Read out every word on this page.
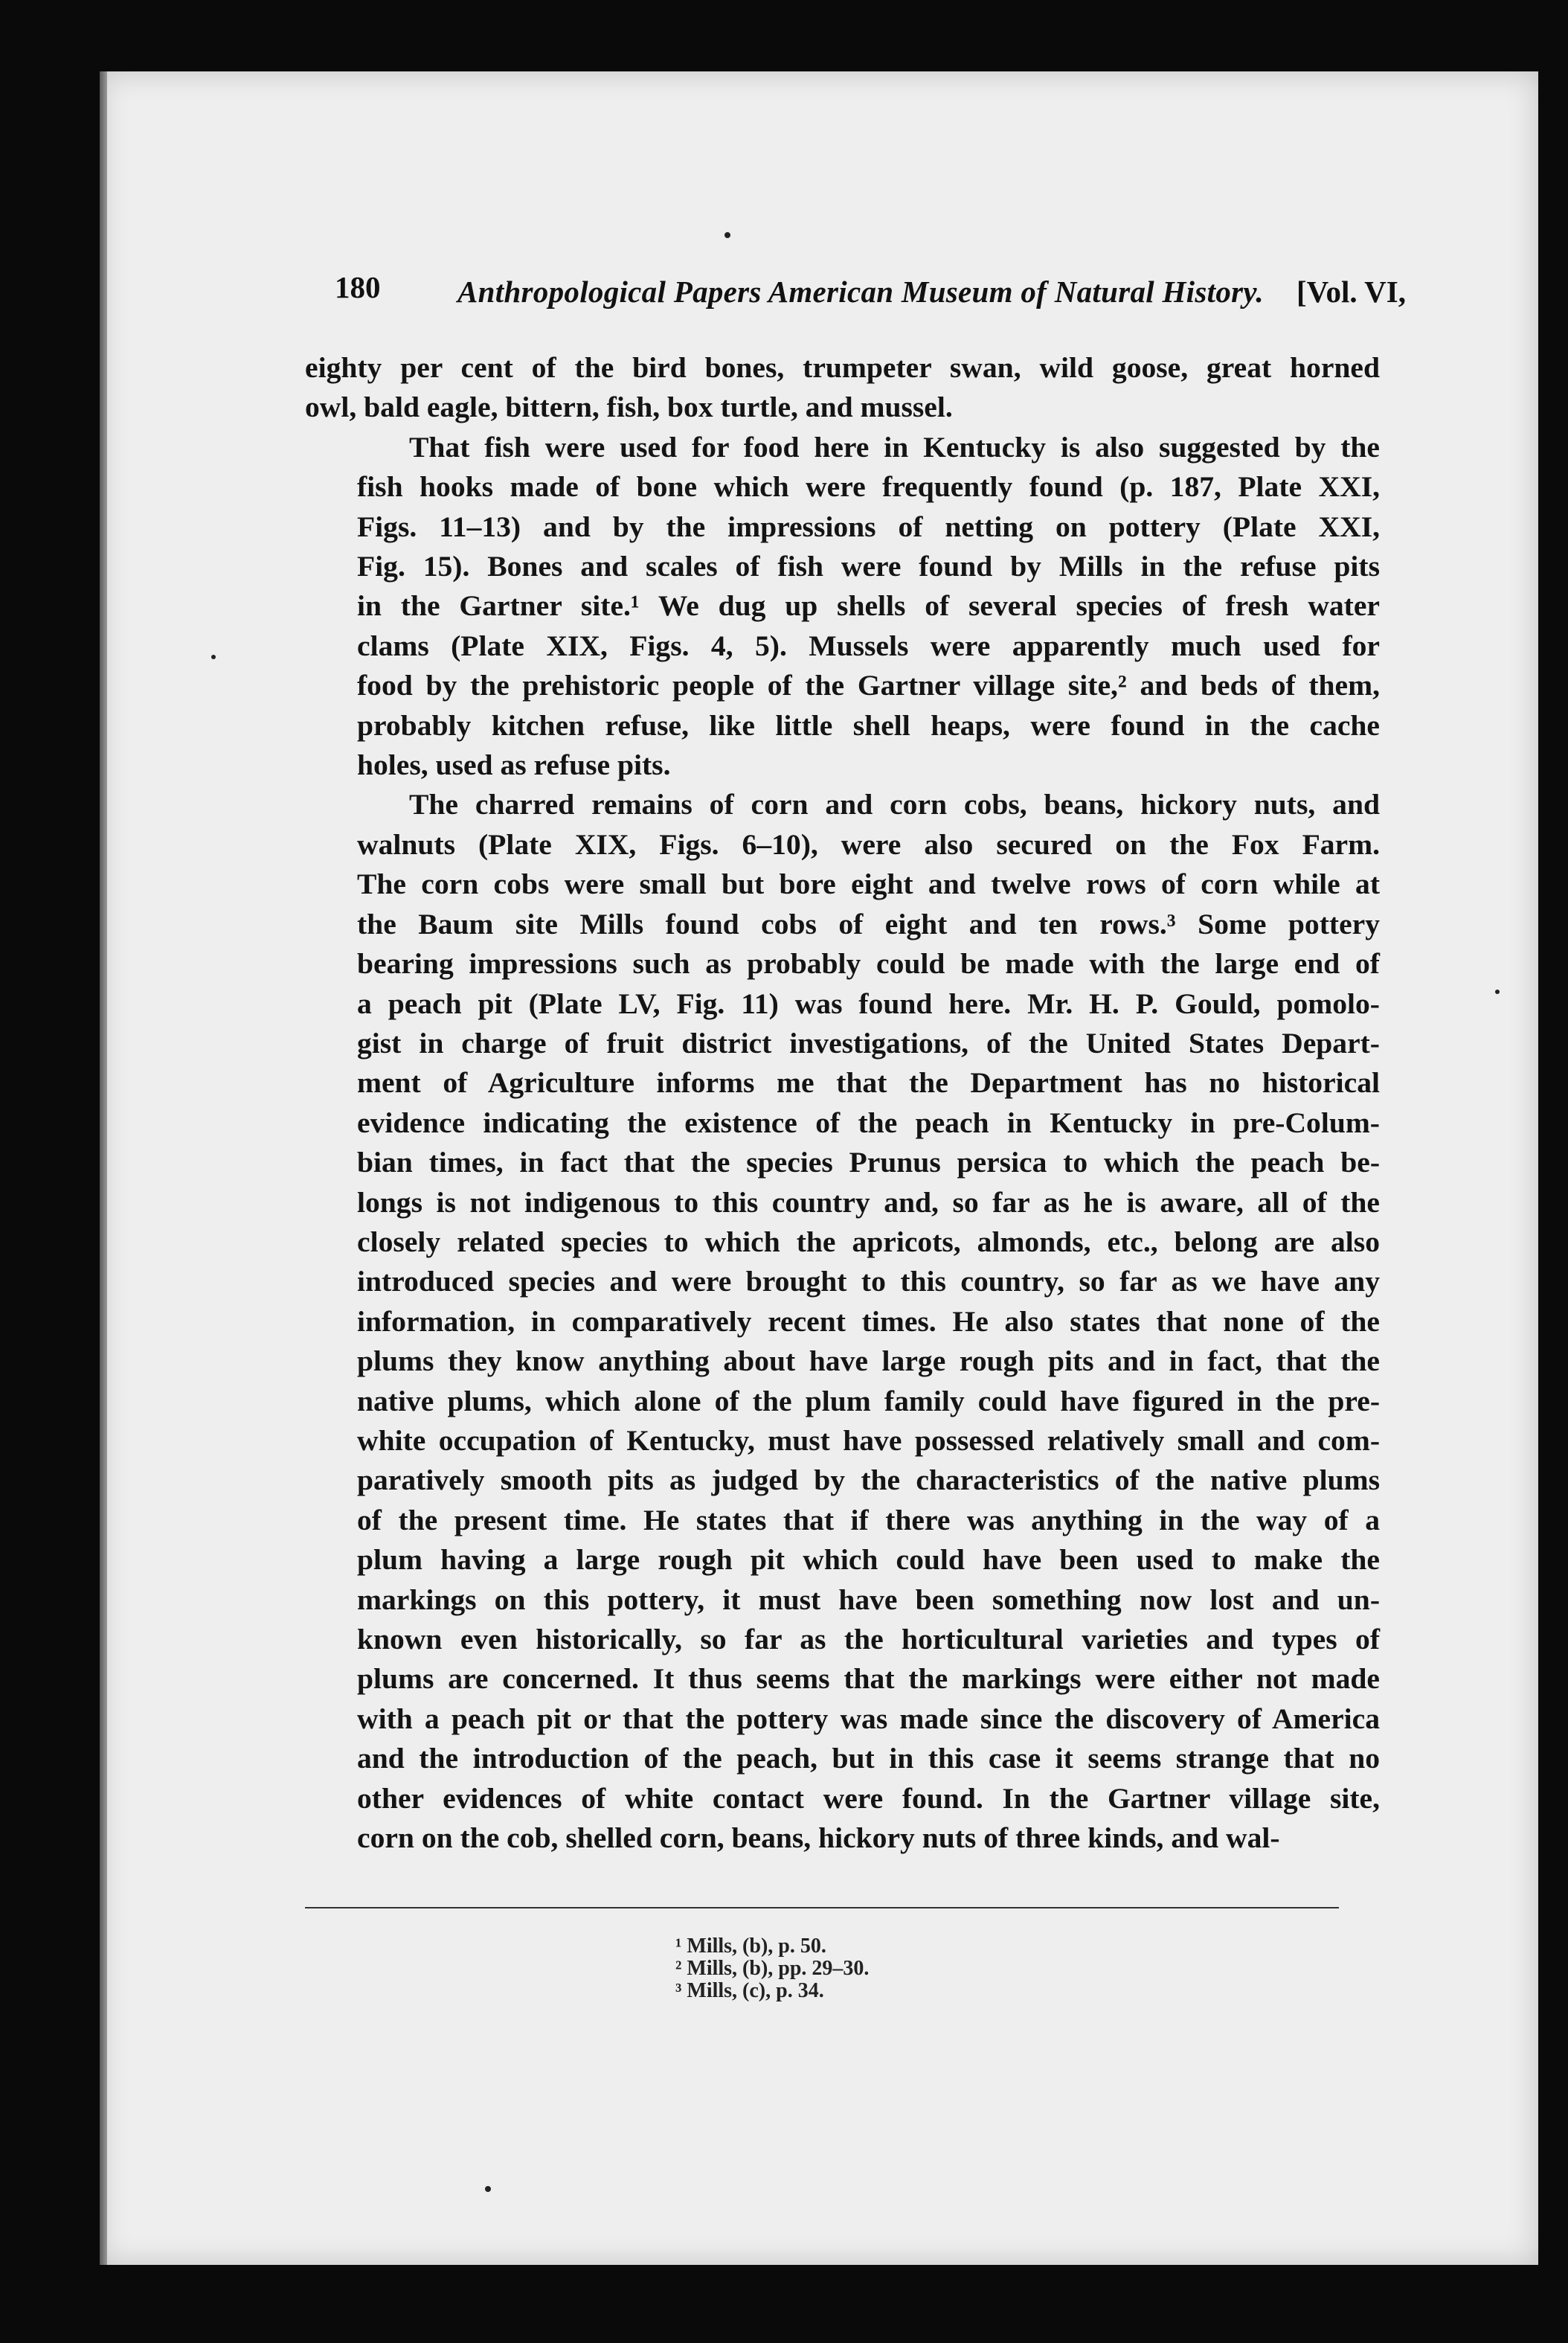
180	Anthropological Papers American Museum of Natural History. [Vol. VI,

eighty per cent of the bird bones, trumpeter swan, wild goose, great horned
owl, bald eagle, bittern, fish, box turtle, and mussel.

That fish were used for food here in Kentucky is also suggested by the
fish hooks made of bone which were frequently found (p. 187, Plate XXI,
Figs. 11–13) and by the impressions of netting on pottery (Plate XXI,
Fig. 15). Bones and scales of fish were found by Mills in the refuse pits
in the Gartner site.¹ We dug up shells of several species of fresh water
clams (Plate XIX, Figs. 4, 5). Mussels were apparently much used for
food by the prehistoric people of the Gartner village site,² and beds of them,
probably kitchen refuse, like little shell heaps, were found in the cache
holes, used as refuse pits.

The charred remains of corn and corn cobs, beans, hickory nuts, and
walnuts (Plate XIX, Figs. 6–10), were also secured on the Fox Farm.
The corn cobs were small but bore eight and twelve rows of corn while at
the Baum site Mills found cobs of eight and ten rows.³ Some pottery
bearing impressions such as probably could be made with the large end of
a peach pit (Plate LV, Fig. 11) was found here. Mr. H. P. Gould, pomolo-
gist in charge of fruit district investigations, of the United States Depart-
ment of Agriculture informs me that the Department has no historical
evidence indicating the existence of the peach in Kentucky in pre-Colum-
bian times, in fact that the species Prunus persica to which the peach be-
longs is not indigenous to this country and, so far as he is aware, all of the
closely related species to which the apricots, almonds, etc., belong are also
introduced species and were brought to this country, so far as we have any
information, in comparatively recent times. He also states that none of the
plums they know anything about have large rough pits and in fact, that the
native plums, which alone of the plum family could have figured in the pre-
white occupation of Kentucky, must have possessed relatively small and com-
paratively smooth pits as judged by the characteristics of the native plums
of the present time. He states that if there was anything in the way of a
plum having a large rough pit which could have been used to make the
markings on this pottery, it must have been something now lost and un-
known even historically, so far as the horticultural varieties and types of
plums are concerned. It thus seems that the markings were either not made
with a peach pit or that the pottery was made since the discovery of America
and the introduction of the peach, but in this case it seems strange that no
other evidences of white contact were found. In the Gartner village site,
corn on the cob, shelled corn, beans, hickory nuts of three kinds, and wal-

¹ Mills, (b), p. 50.
² Mills, (b), pp. 29–30.
³ Mills, (c), p. 34.
